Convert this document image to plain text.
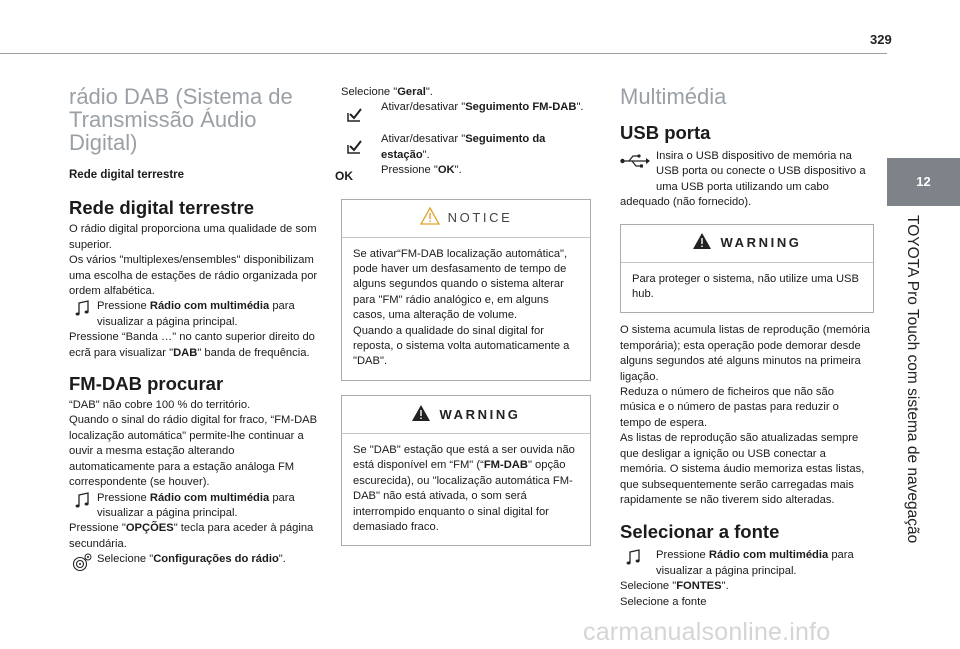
329
12
TOYOTA Pro Touch com sistema de navegação
rádio DAB (Sistema de Transmissão Áudio Digital)

Rede digital terrestre

Rede digital terrestre

O rádio digital proporciona uma qualidade de som superior.
Os vários "multiplexes/ensembles" disponibilizam uma escolha de estações de rádio organizada por ordem alfabética.

Pressione Rádio com multimédia para visualizar a página principal.

Pressione “Banda …" no canto superior direito do ecrã para visualizar "DAB" banda de frequência.

FM-DAB procurar

“DAB" não cobre 100 % do território.
Quando o sinal do rádio digital for fraco, “FM-DAB localização automática" permite-lhe continuar a ouvir a mesma estação alterando automaticamente para a estação análoga FM correspondente (se houver).

Pressione Rádio com multimédia para visualizar a página principal.

Pressione "OPÇÕES" tecla para aceder à página secundária.

Selecione "Configurações do rádio".

Selecione "Geral".

Ativar/desativar "Seguimento FM-DAB".

Ativar/desativar "Seguimento da estação".

OK	Pressione "OK".

NOTICE

Se ativar“FM-DAB localização automática", pode haver um desfasamento de tempo de alguns segundos quando o sistema alterar para "FM" rádio analógico e, em alguns casos, uma alteração de volume.
Quando a qualidade do sinal digital for reposta, o sistema volta automaticamente a "DAB".

WARNING

Se "DAB" estação que está a ser ouvida não está disponível em “FM" (“FM-DAB" opção escurecida), ou "localização automática FM-DAB" não está ativada, o som será interrompido enquanto o sinal digital for demasiado fraco.

Multimédia
USB porta

Insira o USB dispositivo de memória na USB porta ou conecte o USB dispositivo a uma USB porta utilizando um cabo adequado (não fornecido).

WARNING

Para proteger o sistema, não utilize uma USB hub.

O sistema acumula listas de reprodução (memória temporária); esta operação pode demorar desde alguns segundos até alguns minutos na primeira ligação.
Reduza o número de ficheiros que não são música e o número de pastas para reduzir o tempo de espera.
As listas de reprodução são atualizadas sempre que desligar a ignição ou USB conectar a memória. O sistema áudio memoriza estas listas, que subsequentemente serão carregadas mais rapidamente se não tiverem sido alteradas.

Selecionar a fonte

Pressione Rádio com multimédia para visualizar a página principal.

Selecione "FONTES".

Selecione a fonte

carmanualsonline.info
